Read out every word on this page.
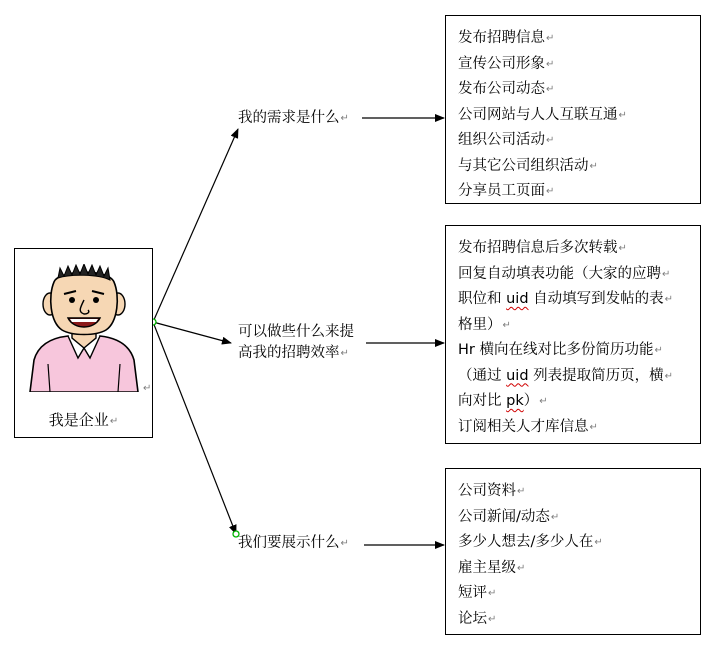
↵
我是企业↵
我的需求是什么↵
可以做些什么来提
高我的招聘效率↵
我们要展示什么↵
发布招聘信息↵
宣传公司形象↵
发布公司动态↵
公司网站与人人互联互通↵
组织公司活动↵
与其它公司组织活动↵
分享员工页面↵
发布招聘信息后多次转载↵
回复自动填表功能（大家的应聘↵
职位和 uid 自动填写到发帖的表↵
格里）↵
Hr 横向在线对比多份简历功能↵
（通过 uid 列表提取简历页，横↵
向对比 pk）↵
订阅相关人才库信息↵
公司资料↵
公司新闻/动态↵
多少人想去/多少人在↵
雇主星级↵
短评↵
论坛↵
